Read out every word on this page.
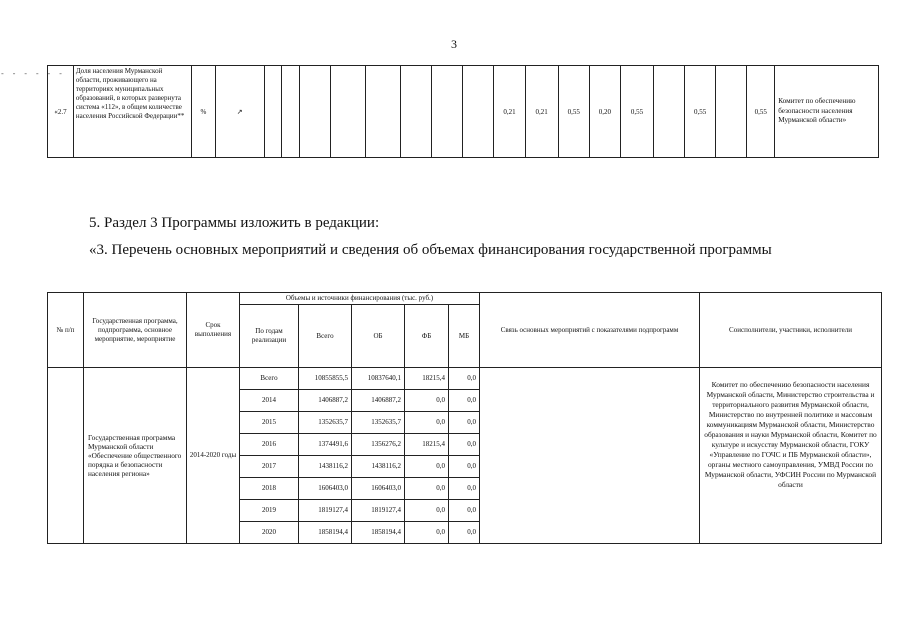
3
- - - - - -
«2.7	Доля населения Мурманской области, проживающего на территориях муниципальных образований, в которых развернута система «112», в общем количестве населения Российской Федерации**	%	↗									0,21	0,21	0,55	0,20	0,55		0,55		0,55	Комитет по обеспечению безопасности населения Мурманской области»
5. Раздел 3 Программы изложить в редакции:
«3. Перечень основных мероприятий и сведения об объемах финансирования государственной программы
№ п/п	Государственная программа, подпрограмма, основное мероприятие, мероприятие	Срок выполнения	Объемы и источники финансирования (тыс. руб.)					Связь основных мероприятий с показателями подпрограмм	Соисполнители, участники, исполнители
			По годам реализации	Всего	ОБ	ФБ	МБ		
	Государственная программа Мурманской области «Обеспечение общественного порядка и безопасности населения региона»	2014-2020 годы	Всего	10855855,5	10837640,1	18215,4	0,0		Комитет по обеспечению безопасности населения Мурманской области, Министерство строительства и территориального развития Мурманской области, Министерство по внутренней политике и массовым коммуникациям Мурманской области, Министерство образования и науки Мурманской области, Комитет по культуре и искусству Мурманской области, ГОКУ «Управление по ГОЧС и ПБ Мурманской области», органы местного самоуправления, УМВД России по Мурманской области, УФСИН России по Мурманской области
			2014	1406887,2	1406887,2	0,0	0,0		
			2015	1352635,7	1352635,7	0,0	0,0		
			2016	1374491,6	1356276,2	18215,4	0,0		
			2017	1438116,2	1438116,2	0,0	0,0		
			2018	1606403,0	1606403,0	0,0	0,0		
			2019	1819127,4	1819127,4	0,0	0,0		
			2020	1858194,4	1858194,4	0,0	0,0		
